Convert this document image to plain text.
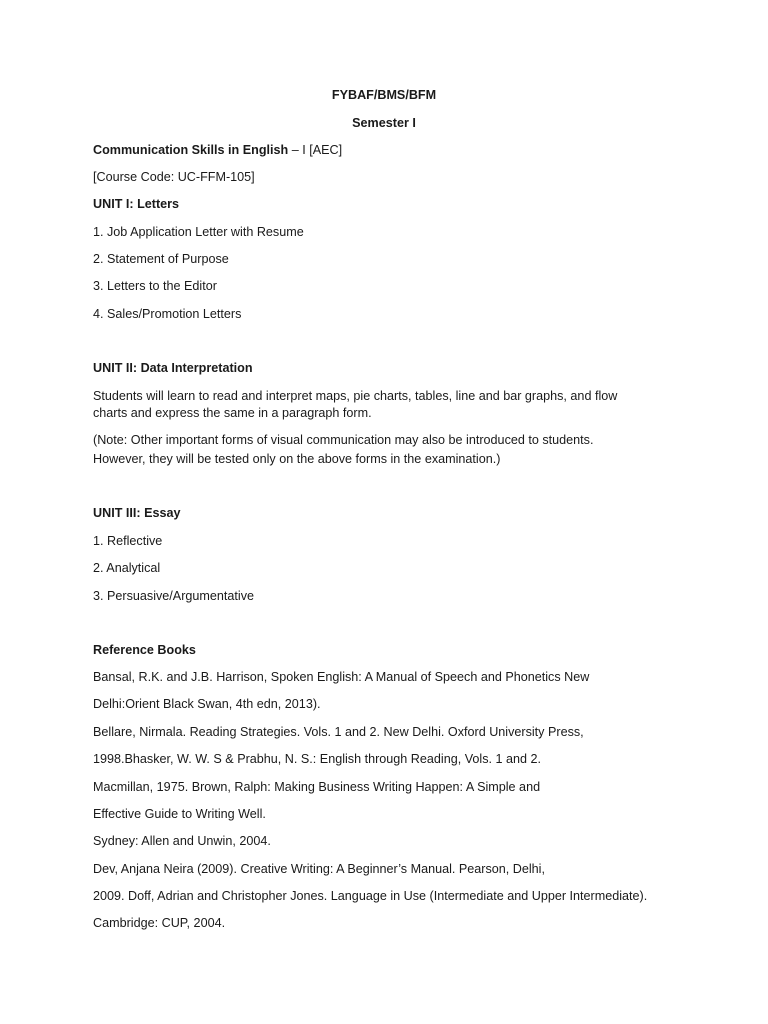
FYBAF/BMS/BFM

Semester I

Communication Skills in English – I [AEC]

[Course Code: UC-FFM-105]

UNIT I: Letters

1. Job Application Letter with Resume

2. Statement of Purpose

3. Letters to the Editor

4. Sales/Promotion Letters

UNIT II: Data Interpretation

Students will learn to read and interpret maps, pie charts, tables, line and bar graphs, and flow

charts and express the same in a paragraph form.

(Note: Other important forms of visual communication may also be introduced to students.

However, they will be tested only on the above forms in the examination.)

UNIT III: Essay

1. Reflective

2. Analytical

3. Persuasive/Argumentative

Reference Books

Bansal, R.K. and J.B. Harrison, Spoken English: A Manual of Speech and Phonetics New

Delhi:Orient Black Swan, 4th edn, 2013).

Bellare, Nirmala. Reading Strategies. Vols. 1 and 2. New Delhi. Oxford University Press,

1998.Bhasker, W. W. S & Prabhu, N. S.: English through Reading, Vols. 1 and 2.

Macmillan, 1975. Brown, Ralph: Making Business Writing Happen: A Simple and

Effective Guide to Writing Well.

Sydney: Allen and Unwin, 2004.

Dev, Anjana Neira (2009). Creative Writing: A Beginner’s Manual. Pearson, Delhi,

2009. Doff, Adrian and Christopher Jones. Language in Use (Intermediate and Upper Intermediate).

Cambridge: CUP, 2004.
